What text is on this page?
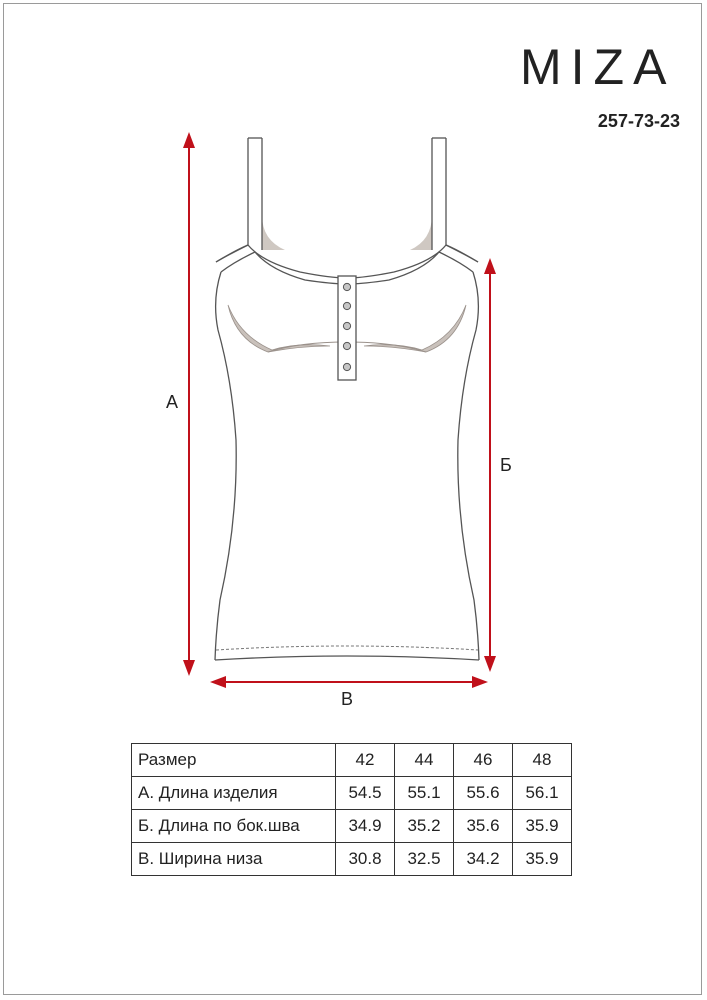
MIZA
257-73-23
А
Б
В
Размер	42	44	46	48
А. Длина изделия	54.5	55.1	55.6	56.1
Б. Длина по бок.шва	34.9	35.2	35.6	35.9
В. Ширина низа	30.8	32.5	34.2	35.9
